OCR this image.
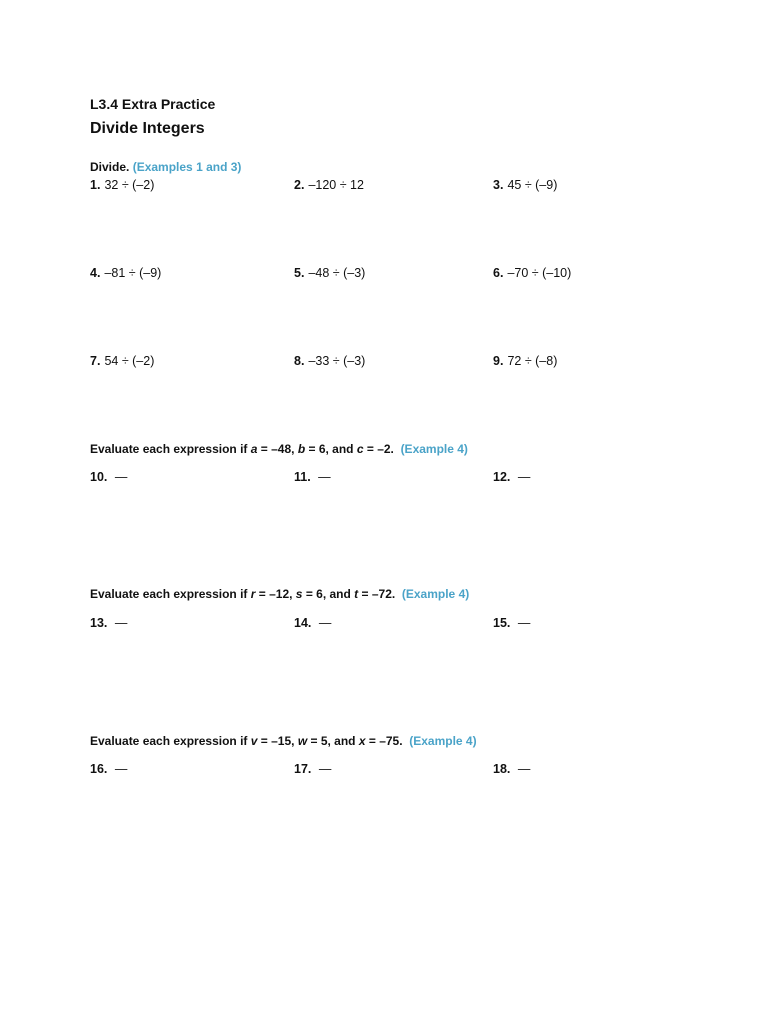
L3.4 Extra Practice
Divide Integers
Divide. (Examples 1 and 3)
1. 32 ÷ (–2)	2. –120 ÷ 12	3. 45 ÷ (–9)
4. –81 ÷ (–9)	5. –48 ÷ (–3)	6. –70 ÷ (–10)
7. 54 ÷ (–2)	8. –33 ÷ (–3)	9. 72 ÷ (–8)
Evaluate each expression if a = –48, b = 6, and c = –2. (Example 4)
10. —	11. —	12. —
Evaluate each expression if r = –12, s = 6, and t = –72. (Example 4)
13. —	14. —	15. —
Evaluate each expression if v = –15, w = 5, and x = –75. (Example 4)
16. —	17. —	18. —
